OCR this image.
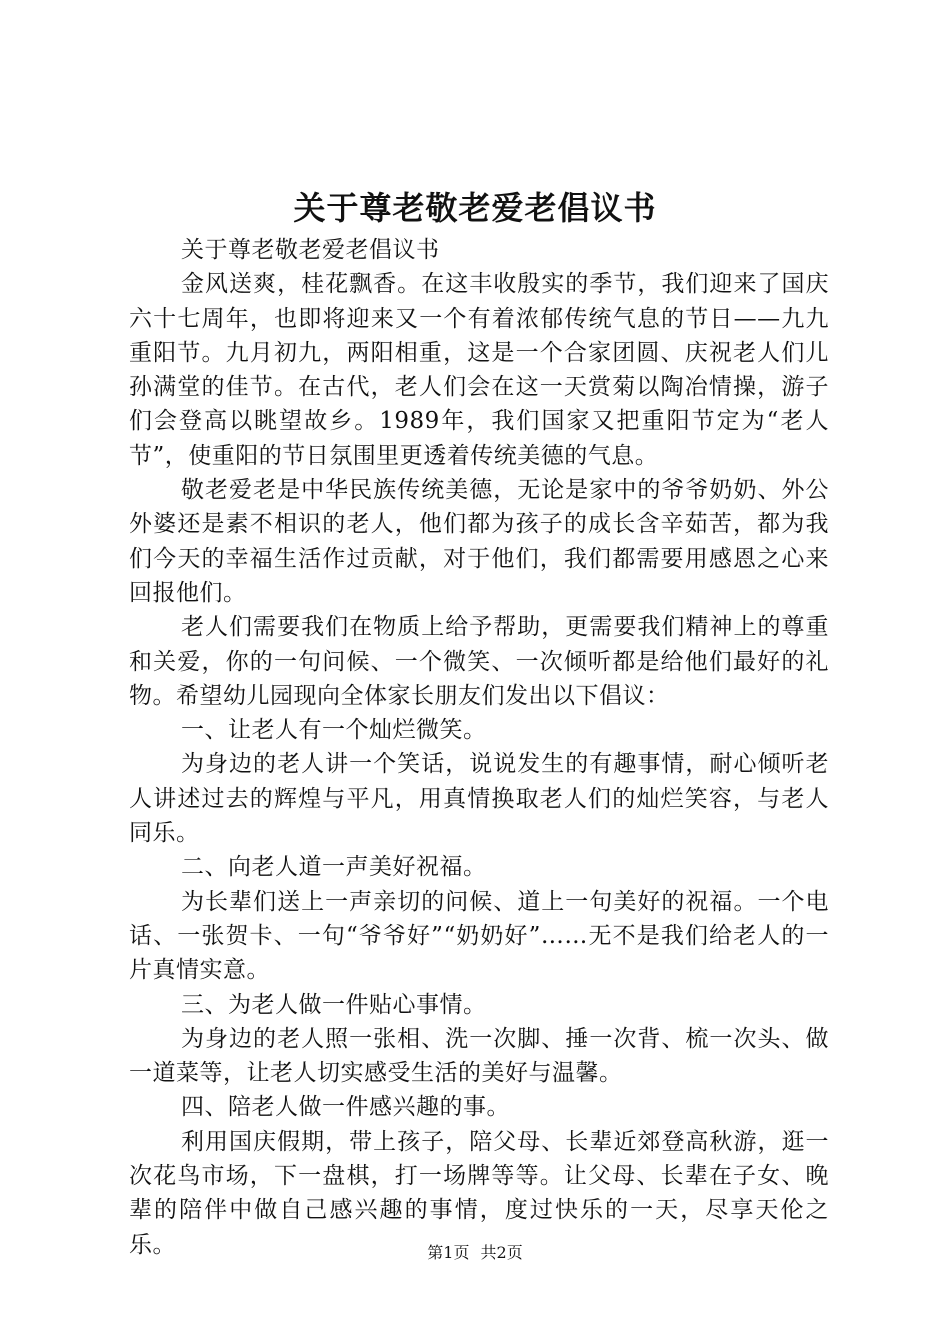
关于尊老敬老爱老倡议书

关于尊老敬老爱老倡议书

金风送爽，桂花飘香。在这丰收殷实的季节，我们迎来了国庆六十七周年，也即将迎来又一个有着浓郁传统气息的节日——九九重阳节。九月初九，两阳相重，这是一个合家团圆、庆祝老人们儿孙满堂的佳节。在古代，老人们会在这一天赏菊以陶冶情操，游子们会登高以眺望故乡。1989年，我们国家又把重阳节定为“老人节”，使重阳的节日氛围里更透着传统美德的气息。

敬老爱老是中华民族传统美德，无论是家中的爷爷奶奶、外公外婆还是素不相识的老人，他们都为孩子的成长含辛茹苦，都为我们今天的幸福生活作过贡献，对于他们，我们都需要用感恩之心来回报他们。

老人们需要我们在物质上给予帮助，更需要我们精神上的尊重和关爱，你的一句问候、一个微笑、一次倾听都是给他们最好的礼物。希望幼儿园现向全体家长朋友们发出以下倡议：

一、让老人有一个灿烂微笑。

为身边的老人讲一个笑话，说说发生的有趣事情，耐心倾听老人讲述过去的辉煌与平凡，用真情换取老人们的灿烂笑容，与老人同乐。

二、向老人道一声美好祝福。

为长辈们送上一声亲切的问候、道上一句美好的祝福。一个电话、一张贺卡、一句“爷爷好”“奶奶好”……无不是我们给老人的一片真情实意。

三、为老人做一件贴心事情。

为身边的老人照一张相、洗一次脚、捶一次背、梳一次头、做一道菜等，让老人切实感受生活的美好与温馨。

四、陪老人做一件感兴趣的事。

利用国庆假期，带上孩子，陪父母、长辈近郊登高秋游，逛一次花鸟市场，下一盘棋，打一场牌等等。让父母、长辈在子女、晚辈的陪伴中做自己感兴趣的事情，度过快乐的一天，尽享天伦之乐。	第1页 共2页
